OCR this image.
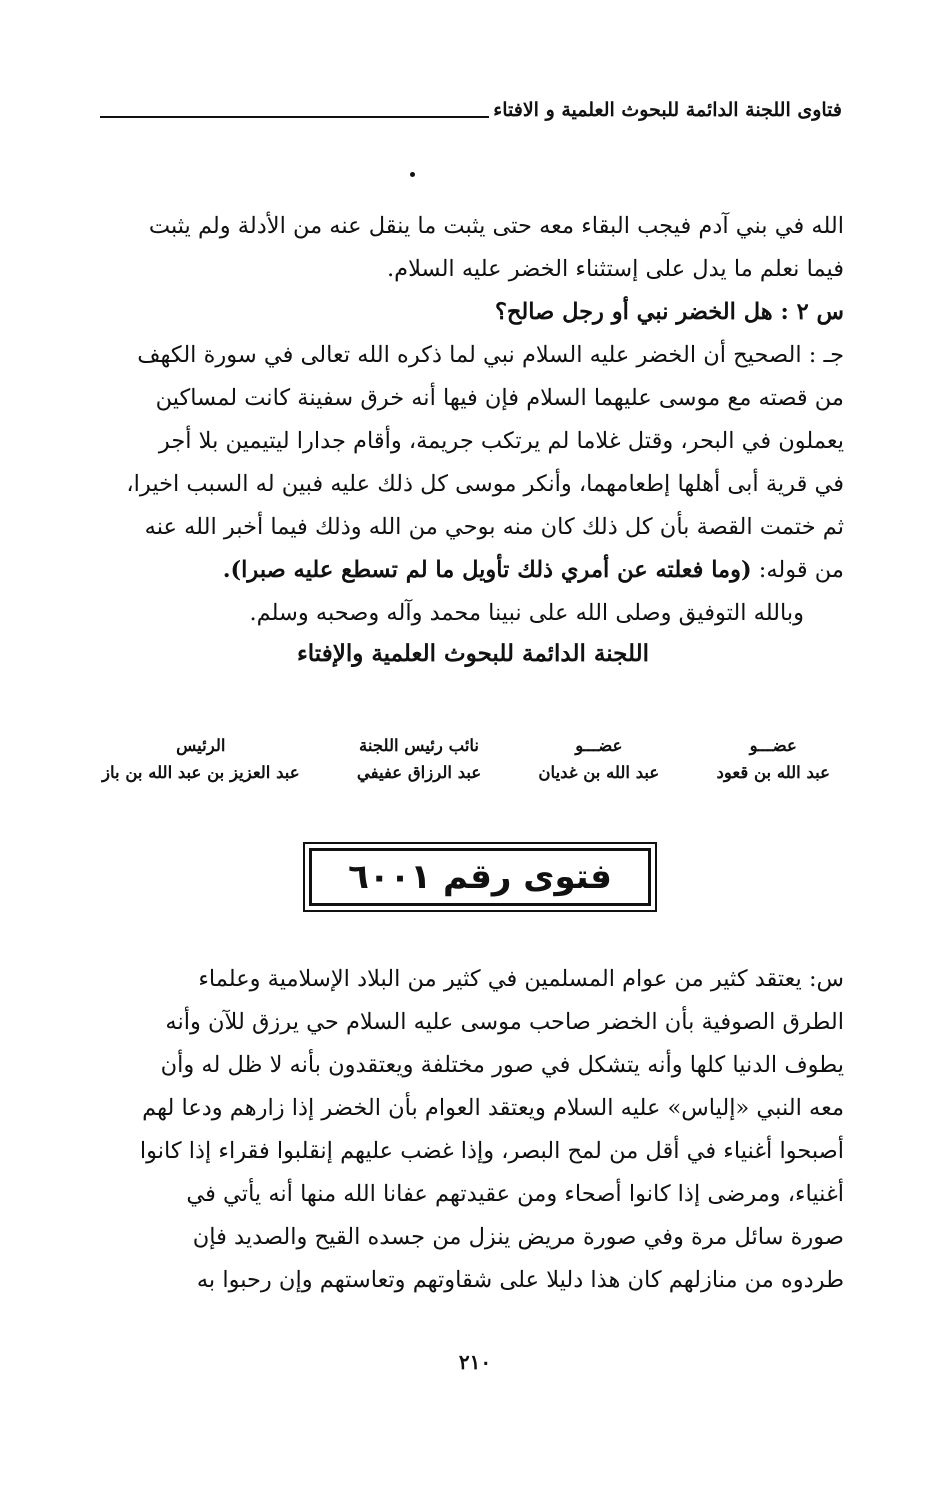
فتاوى اللجنة الدائمة للبحوث العلمية و الافتاء

الله في بني آدم فيجب البقاء معه حتى يثبت ما ينقل عنه من الأدلة ولم يثبت

فيما نعلم ما يدل على إستثناء الخضر عليه السلام.

س ٢ : هل الخضر نبي أو رجل صالح؟

جـ : الصحيح أن الخضر عليه السلام نبي لما ذكره الله تعالى في سورة الكهف

من قصته مع موسى عليهما السلام فإن فيها أنه خرق سفينة كانت لمساكين

يعملون في البحر، وقتل غلاما لم يرتكب جريمة، وأقام جدارا ليتيمين بلا أجر

في قرية أبى أهلها إطعامهما، وأنكر موسى كل ذلك عليه فبين له السبب اخيرا،

ثم ختمت القصة بأن كل ذلك كان منه بوحي من الله وذلك فيما أخبر الله عنه

من قوله: (وما فعلته عن أمري ذلك تأويل ما لم تسطع عليه صبرا).

وبالله التوفيق وصلى الله على نبينا محمد وآله وصحبه وسلم.

اللجنة الدائمة للبحوث العلمية والإفتاء
عضـــو
عبد الله بن قعود
عضـــو
عبد الله بن غديان
نائب رئيس اللجنة
عبد الرزاق عفيفي
الرئيس
عبد العزيز بن عبد الله بن باز
فتوى رقم ٦٠٠١

س: يعتقد كثير من عوام المسلمين في كثير من البلاد الإسلامية وعلماء

الطرق الصوفية بأن الخضر صاحب موسى عليه السلام حي يرزق للآن وأنه

يطوف الدنيا كلها وأنه يتشكل في صور مختلفة ويعتقدون بأنه لا ظل له وأن

معه النبي «إلياس» عليه السلام ويعتقد العوام بأن الخضر إذا زارهم ودعا لهم

أصبحوا أغنياء في أقل من لمح البصر، وإذا غضب عليهم إنقلبوا فقراء إذا كانوا

أغنياء، ومرضى إذا كانوا أصحاء ومن عقيدتهم عفانا الله منها أنه يأتي في

صورة سائل مرة وفي صورة مريض ينزل من جسده القيح والصديد فإن

طردوه من منازلهم كان هذا دليلا على شقاوتهم وتعاستهم وإن رحبوا به

٢١٠
